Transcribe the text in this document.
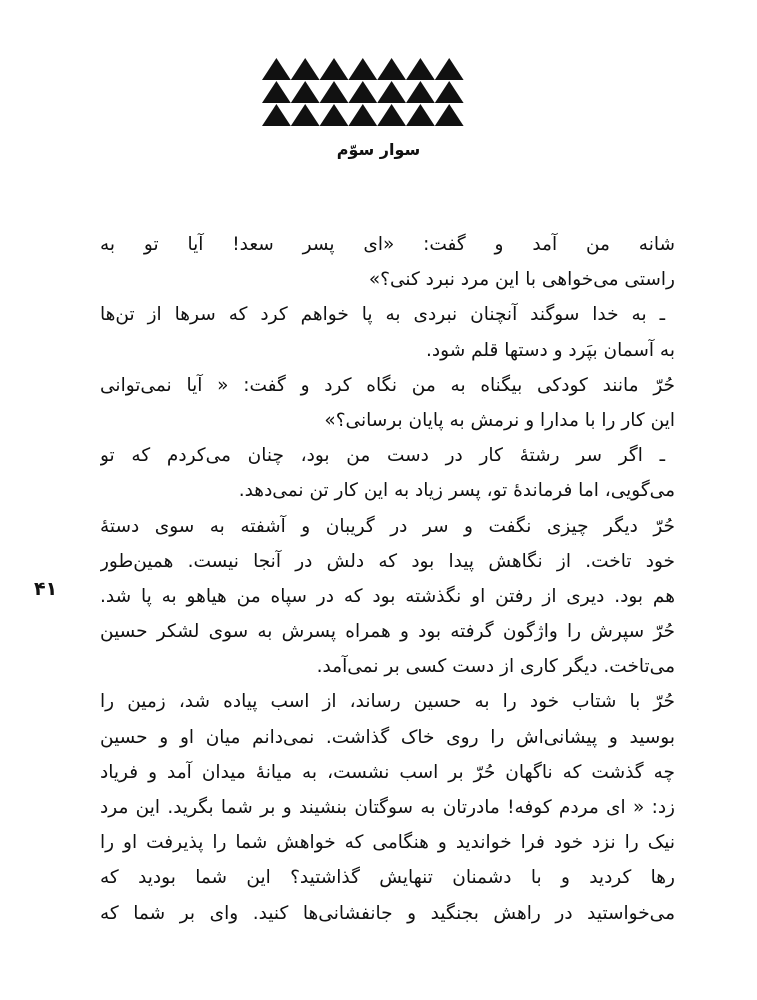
سوار سوّم
شانه من آمد و گفت: «ای پسر سعد! آیا تو به
راستی می‌خواهی با این مرد نبرد کنی؟»
ـ به خدا سوگند آنچنان نبردی به پا خواهم کرد که سرها از تن‌ها
به آسمان بپَرد و دستها قلم شود.
حُرّ مانند کودکی بیگناه به من نگاه کرد و گفت: « آیا نمی‌توانی
این کار را با مدارا و نرمش به پایان برسانی؟»
ـ اگر سر رشتهٔ کار در دست من بود، چنان می‌کردم که تو
می‌گویی، اما فرماندهٔ تو، پسر زیاد به این کار تن نمی‌دهد.
حُرّ دیگر چیزی نگفت و سر در گریبان و آشفته به سوی دستهٔ
خود تاخت. از نگاهش پیدا بود که دلش در آنجا نیست. همین‌طور
هم بود. دیری از رفتن او نگذشته بود که در سپاه من هیاهو به پا شد.
حُرّ سپرش را واژگون گرفته بود و همراه پسرش به سوی لشکر حسین
می‌تاخت. دیگر کاری از دست کسی بر نمی‌آمد.
حُرّ با شتاب خود را به حسین رساند، از اسب پیاده شد، زمین را
بوسید و پیشانی‌اش را روی خاک گذاشت. نمی‌دانم میان او و حسین
چه گذشت که ناگهان حُرّ بر اسب نشست، به میانهٔ میدان آمد و فریاد
زد: « ای مردم کوفه! مادرتان به سوگتان بنشیند و بر شما بگرید. این مرد
نیک را نزد خود فرا خواندید و هنگامی که خواهش شما را پذیرفت او را
رها کردید و با دشمنان تنهایش گذاشتید؟ این شما بودید که
می‌خواستید در راهش بجنگید و جانفشانی‌ها کنید. وای بر شما که
۴۱
